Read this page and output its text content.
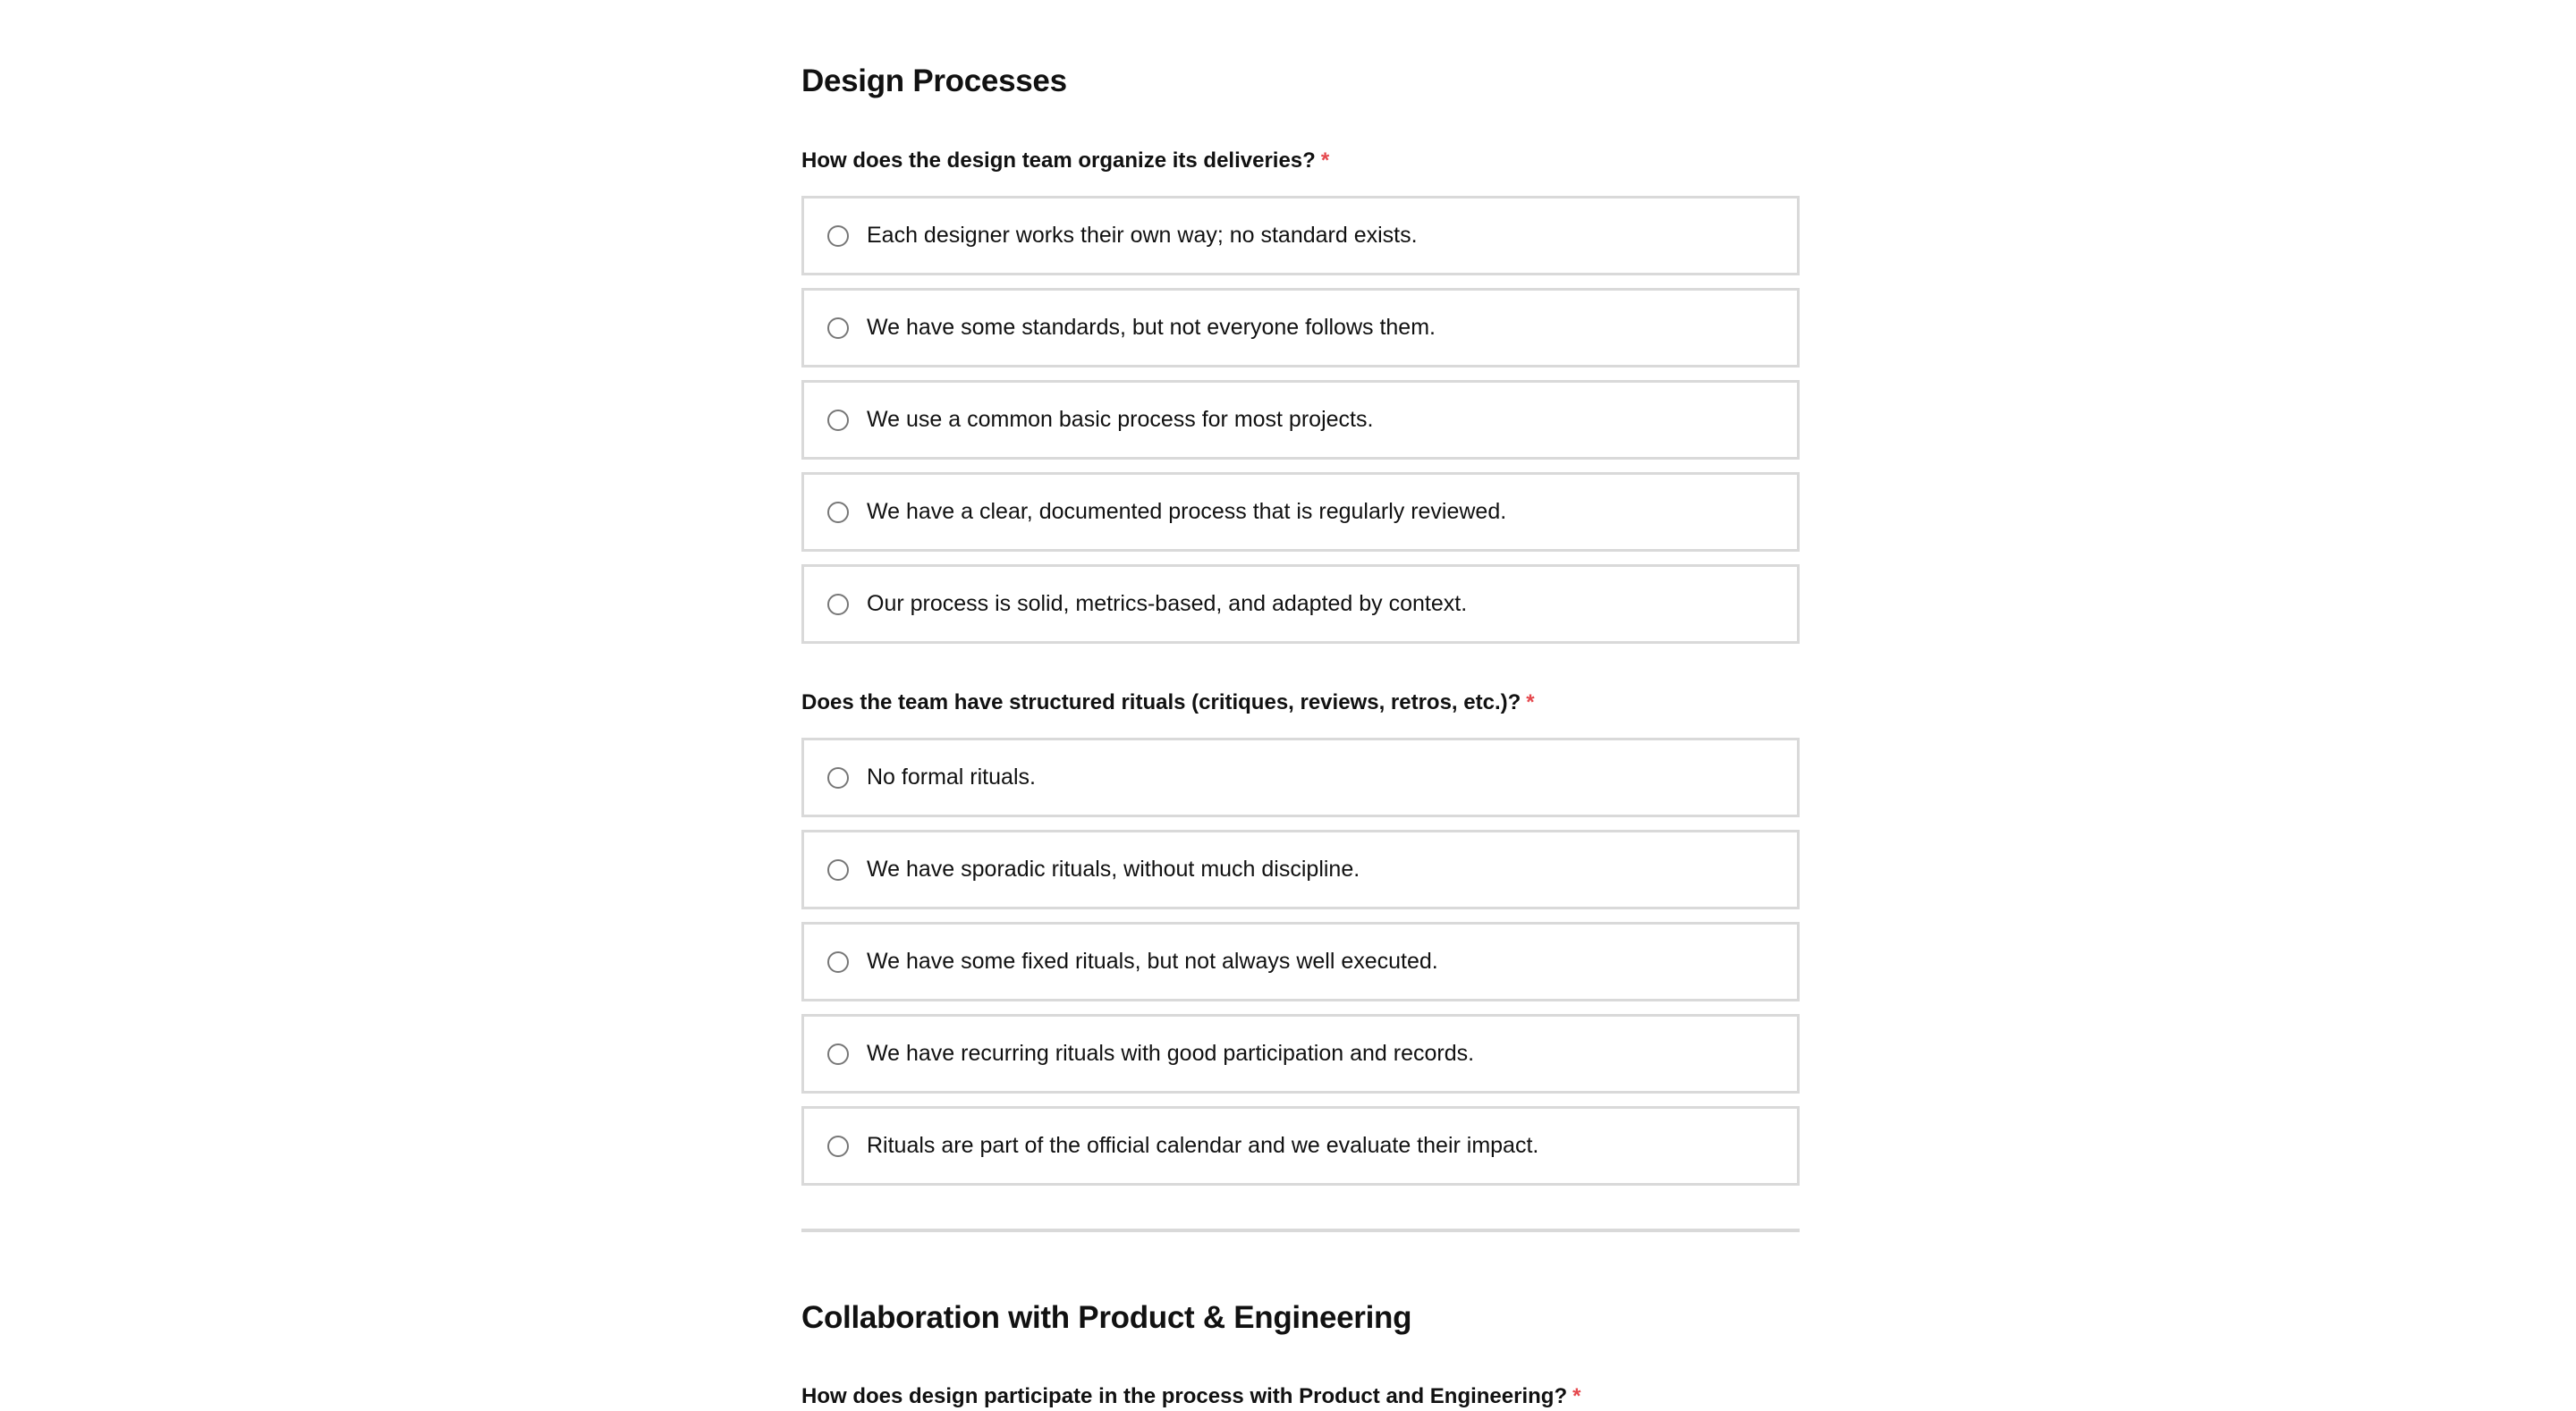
Design Processes
How does the design team organize its deliveries? *
Each designer works their own way; no standard exists.
We have some standards, but not everyone follows them.
We use a common basic process for most projects.
We have a clear, documented process that is regularly reviewed.
Our process is solid, metrics-based, and adapted by context.
Does the team have structured rituals (critiques, reviews, retros, etc.)? *
No formal rituals.
We have sporadic rituals, without much discipline.
We have some fixed rituals, but not always well executed.
We have recurring rituals with good participation and records.
Rituals are part of the official calendar and we evaluate their impact.
Collaboration with Product & Engineering
How does design participate in the process with Product and Engineering? *
